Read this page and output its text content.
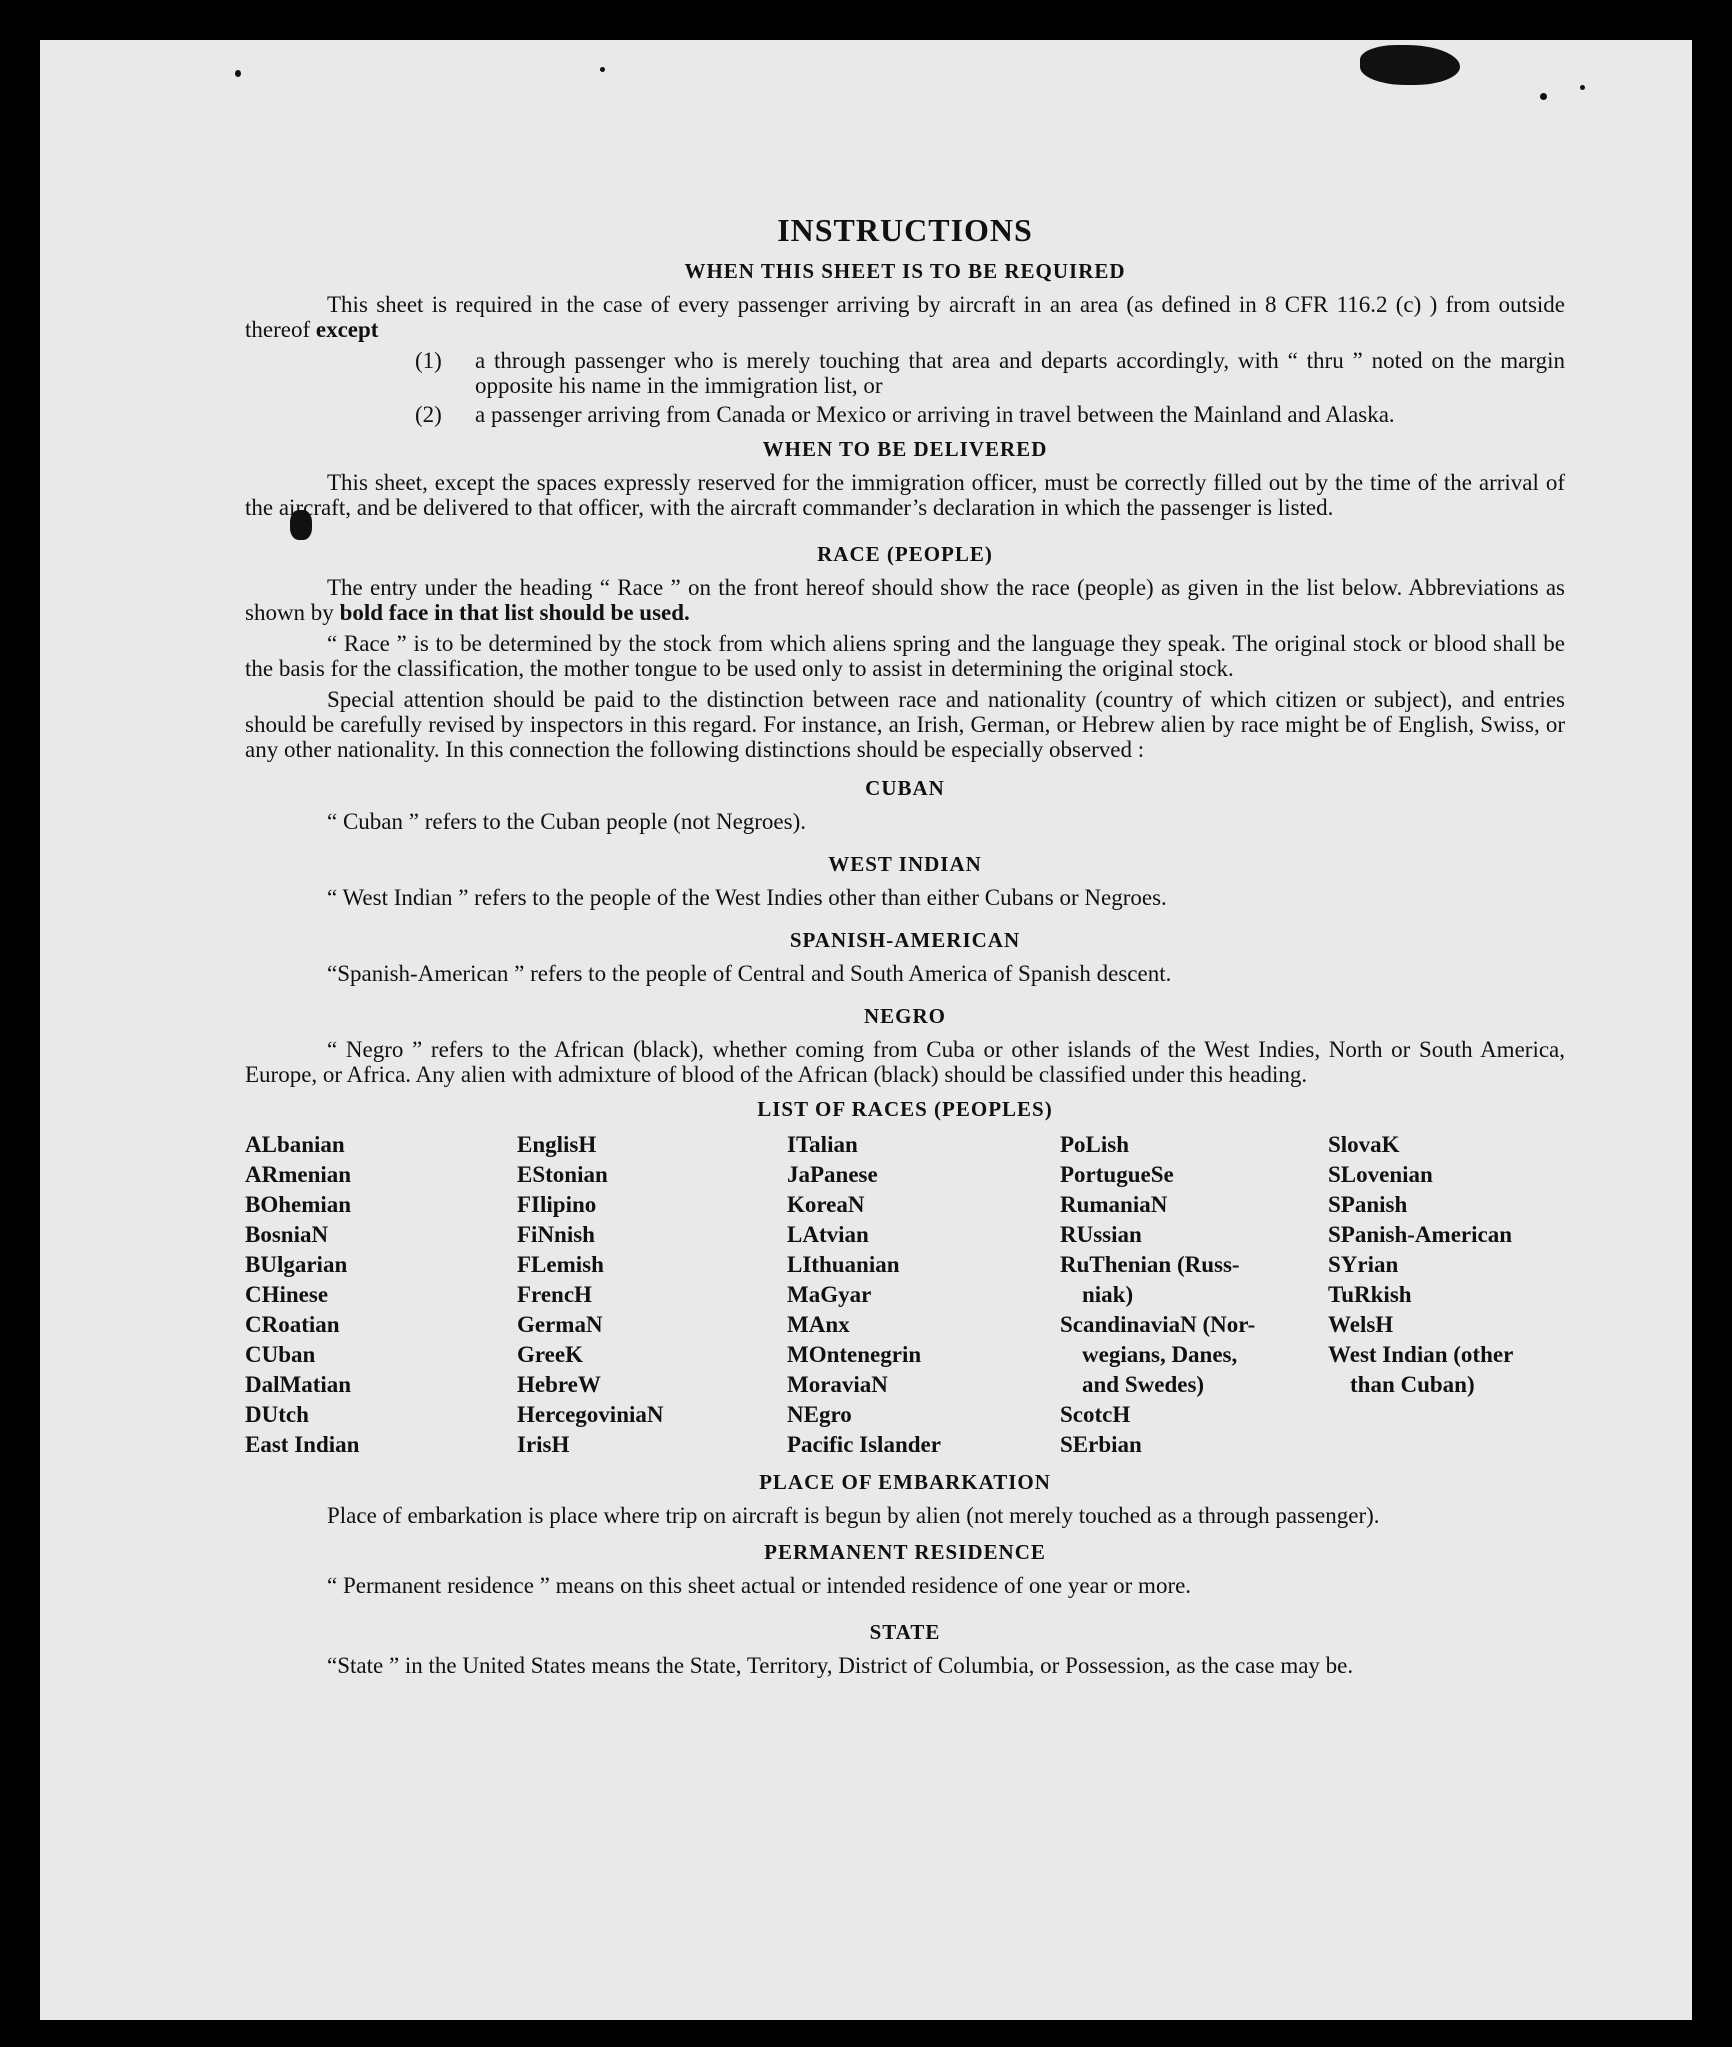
INSTRUCTIONS
WHEN THIS SHEET IS TO BE REQUIRED

This sheet is required in the case of every passenger arriving by aircraft in an area (as defined in 8 CFR 116.2 (c) ) from outside thereof except

(1)	a through passenger who is merely touching that area and departs accordingly, with “ thru ” noted on the margin opposite his name in the immigration list, or
(2)	a passenger arriving from Canada or Mexico or arriving in travel between the Mainland and Alaska.
WHEN TO BE DELIVERED

This sheet, except the spaces expressly reserved for the immigration officer, must be correctly filled out by the time of the arrival of the aircraft, and be delivered to that officer, with the aircraft commander’s declaration in which the passenger is listed.

RACE (PEOPLE)

The entry under the heading “ Race ” on the front hereof should show the race (people) as given in the list below. Abbreviations as shown by bold face in that list should be used.

“ Race ” is to be determined by the stock from which aliens spring and the language they speak. The original stock or blood shall be the basis for the classification, the mother tongue to be used only to assist in determining the original stock.

Special attention should be paid to the distinction between race and nationality (country of which citizen or subject), and entries should be carefully revised by inspectors in this regard. For instance, an Irish, German, or Hebrew alien by race might be of English, Swiss, or any other nationality. In this connection the following distinctions should be especially observed :

CUBAN

“ Cuban ” refers to the Cuban people (not Negroes).

WEST INDIAN

“ West Indian ” refers to the people of the West Indies other than either Cubans or Negroes.

SPANISH-AMERICAN

“Spanish-American ” refers to the people of Central and South America of Spanish descent.

NEGRO

“ Negro ” refers to the African (black), whether coming from Cuba or other islands of the West Indies, North or South America, Europe, or Africa. Any alien with admixture of blood of the African (black) should be classified under this heading.

LIST OF RACES (PEOPLES)
ALbanian
ARmenian
BOhemian
BosniaN
BUlgarian
CHinese
CRoatian
CUban
DalMatian
DUtch
East Indian
EnglisH
EStonian
FIlipino
FiNnish
FLemish
FrencH
GermaN
GreeK
HebreW
HercegoviniaN
IrisH
ITalian
JaPanese
KoreaN
LAtvian
LIthuanian
MaGyar
MAnx
MOntenegrin
MoraviaN
NEgro
Pacific Islander
PoLish
PortugueSe
RumaniaN
RUssian
RuThenian (Russ-
niak)
ScandinaviaN (Nor-
wegians, Danes,
and Swedes)
ScotcH
SErbian
SlovaK
SLovenian
SPanish
SPanish-American
SYrian
TuRkish
WelsH
West Indian (other
than Cuban)
PLACE OF EMBARKATION

Place of embarkation is place where trip on aircraft is begun by alien (not merely touched as a through passenger).

PERMANENT RESIDENCE

“ Permanent residence ” means on this sheet actual or intended residence of one year or more.

STATE

“State ” in the United States means the State, Territory, District of Columbia, or Possession, as the case may be.
